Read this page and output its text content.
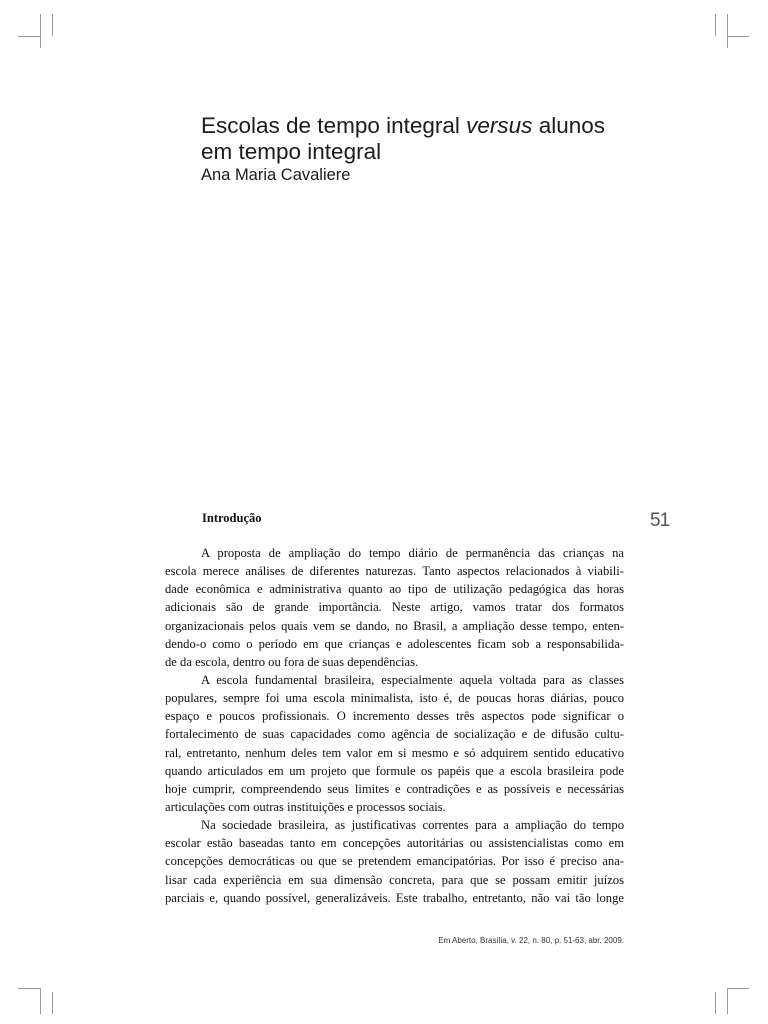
Escolas de tempo integral versus alunos
em tempo integral

Ana Maria Cavaliere

51
Introdução
A proposta de ampliação do tempo diário de permanência das crianças na
escola merece análises de diferentes naturezas. Tanto aspectos relacionados à viabili-
dade econômica e administrativa quanto ao tipo de utilização pedagógica das horas
adicionais são de grande importância. Neste artigo, vamos tratar dos formatos
organizacionais pelos quais vem se dando, no Brasil, a ampliação desse tempo, enten-
dendo-o como o período em que crianças e adolescentes ficam sob a responsabilida-
de da escola, dentro ou fora de suas dependências.
A escola fundamental brasileira, especialmente aquela voltada para as classes
populares, sempre foi uma escola minimalista, isto é, de poucas horas diárias, pouco
espaço e poucos profissionais. O incremento desses três aspectos pode significar o
fortalecimento de suas capacidades como agência de socialização e de difusão cultu-
ral, entretanto, nenhum deles tem valor em si mesmo e só adquirem sentido educativo
quando articulados em um projeto que formule os papéis que a escola brasileira pode
hoje cumprir, compreendendo seus limites e contradições e as possíveis e necessárias
articulações com outras instituições e processos sociais.
Na sociedade brasileira, as justificativas correntes para a ampliação do tempo
escolar estão baseadas tanto em concepções autoritárias ou assistencialistas como em
concepções democráticas ou que se pretendem emancipatórias. Por isso é preciso ana-
lisar cada experiência em sua dimensão concreta, para que se possam emitir juízos
parciais e, quando possível, generalizáveis. Este trabalho, entretanto, não vai tão longe
Em Aberto, Brasília, v. 22, n. 80, p. 51-63, abr. 2009.
